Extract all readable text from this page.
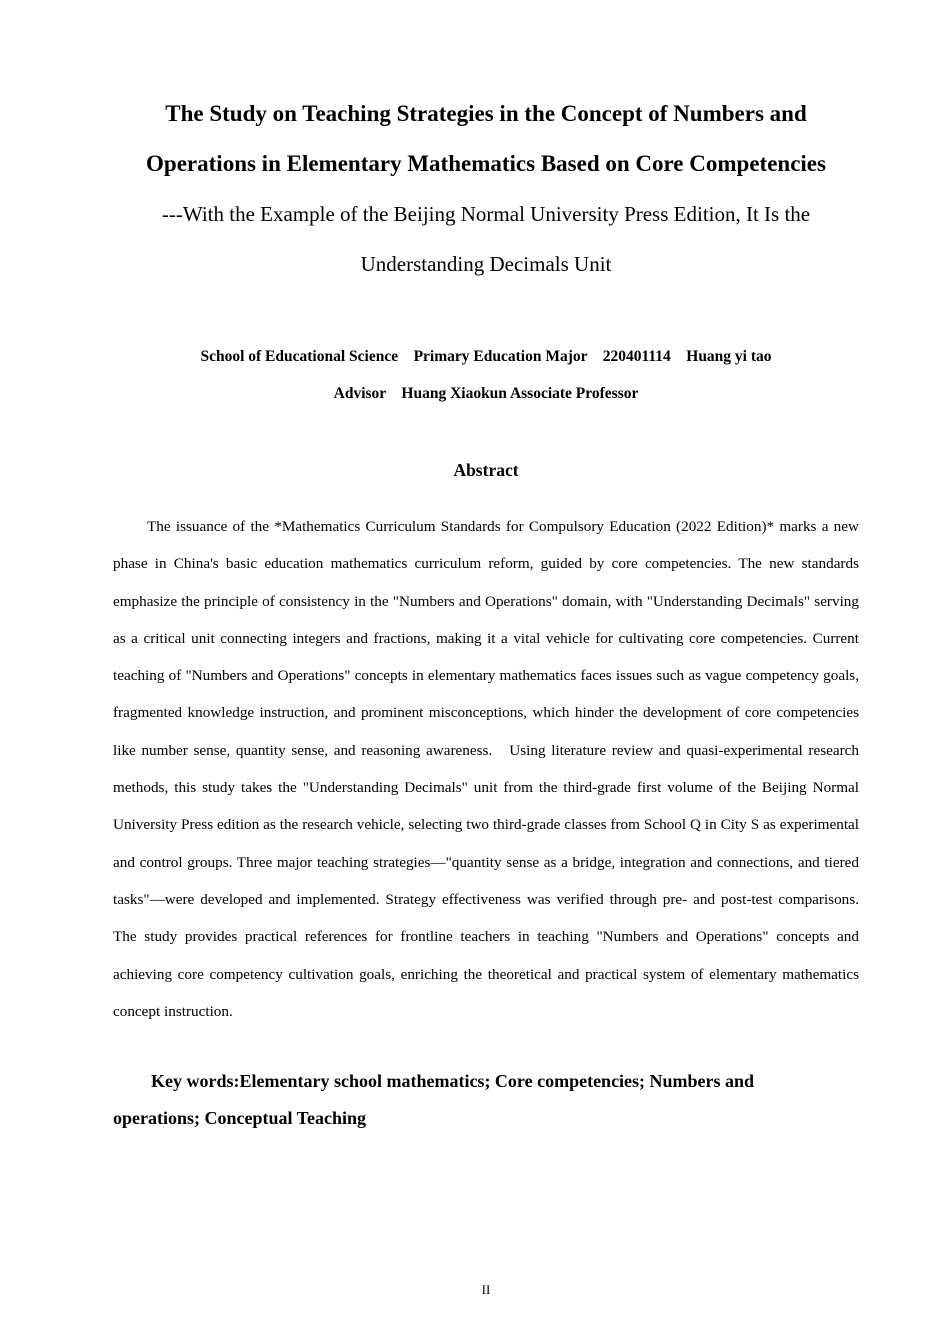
The Study on Teaching Strategies in the Concept of Numbers and
Operations in Elementary Mathematics Based on Core Competencies
---With the Example of the Beijing Normal University Press Edition, It Is the
Understanding Decimals Unit
School of Educational Science    Primary Education Major    220401114    Huang yi tao
Advisor    Huang Xiaokun Associate Professor
Abstract

The issuance of the *Mathematics Curriculum Standards for Compulsory Education (2022 Edition)* marks a new phase in China's basic education mathematics curriculum reform, guided by core competencies. The new standards emphasize the principle of consistency in the "Numbers and Operations" domain, with "Understanding Decimals" serving as a critical unit connecting integers and fractions, making it a vital vehicle for cultivating core competencies. Current teaching of "Numbers and Operations" concepts in elementary mathematics faces issues such as vague competency goals, fragmented knowledge instruction, and prominent misconceptions, which hinder the development of core competencies like number sense, quantity sense, and reasoning awareness.   Using literature review and quasi-experimental research methods, this study takes the "Understanding Decimals" unit from the third-grade first volume of the Beijing Normal University Press edition as the research vehicle, selecting two third-grade classes from School Q in City S as experimental and control groups. Three major teaching strategies—"quantity sense as a bridge, integration and connections, and tiered tasks"—were developed and implemented. Strategy effectiveness was verified through pre- and post-test comparisons. The study provides practical references for frontline teachers in teaching "Numbers and Operations" concepts and achieving core competency cultivation goals, enriching the theoretical and practical system of elementary mathematics concept instruction.

Key words:Elementary school mathematics; Core competencies; Numbers and operations; Conceptual Teaching

II
